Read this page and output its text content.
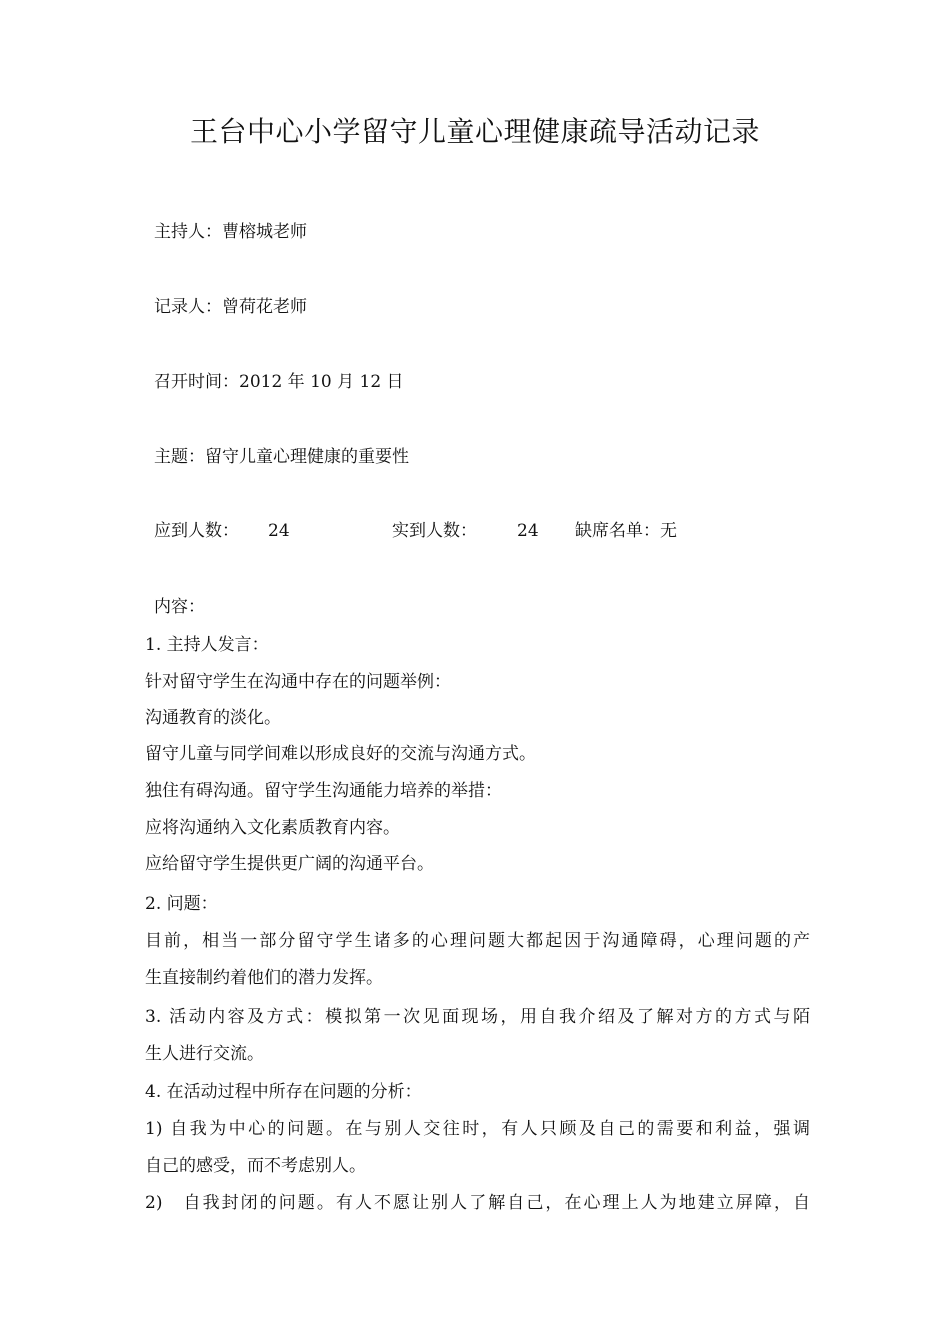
王台中心小学留守儿童心理健康疏导活动记录
主持人：曹榕城老师
记录人：曾荷花老师
召开时间：2012 年 10 月 12 日
主题：留守儿童心理健康的重要性
应到人数： 24	实到人数： 24 缺席名单：无
内容：
1. 主持人发言：
针对留守学生在沟通中存在的问题举例：
沟通教育的淡化。
留守儿童与同学间难以形成良好的交流与沟通方式。
独住有碍沟通。留守学生沟通能力培养的举措：
应将沟通纳入文化素质教育内容。
应给留守学生提供更广阔的沟通平台。
2. 问题：
目前，相当一部分留守学生诸多的心理问题大都起因于沟通障碍，心理问题的产
生直接制约着他们的潜力发挥。
3. 活动内容及方式：模拟第一次见面现场，用自我介绍及了解对方的方式与陌
生人进行交流。
4. 在活动过程中所存在问题的分析：
1) 自我为中心的问题。在与别人交往时，有人只顾及自己的需要和利益，强调
自己的感受，而不考虑别人。
2)　自我封闭的问题。有人不愿让别人了解自己，在心理上人为地建立屏障，自
